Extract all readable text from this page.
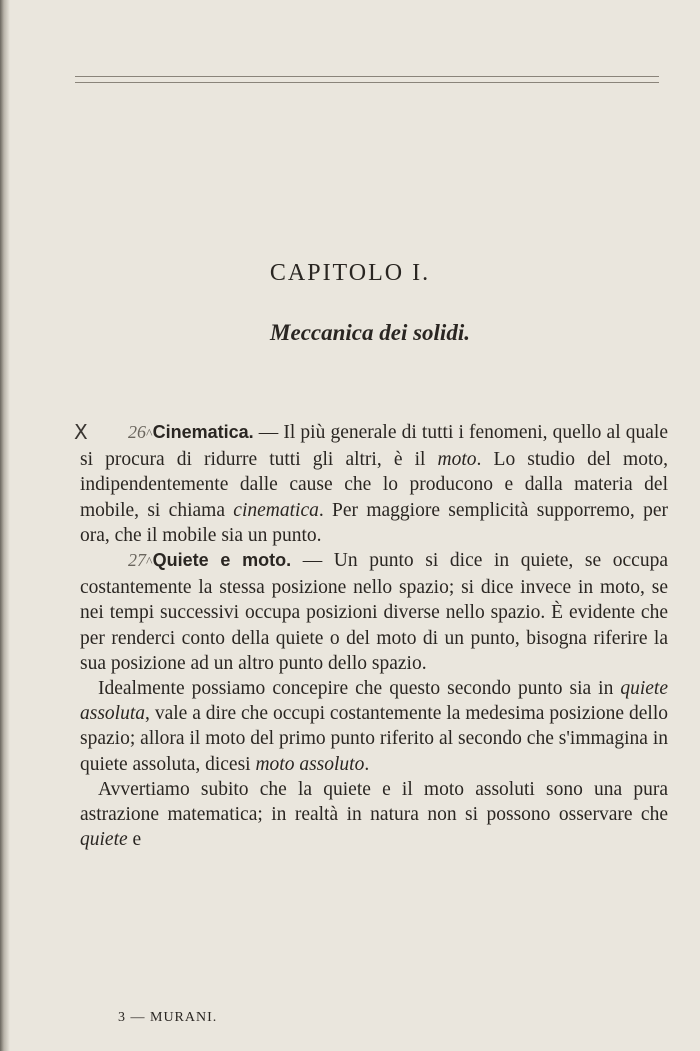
CAPITOLO I.
Meccanica dei solidi.
X	26^Cinematica. — Il più generale di tutti i fenomeni, quello al quale si procura di ridurre tutti gli altri, è il moto. Lo studio del moto, indipendentemente dalle cause che lo producono e dalla materia del mobile, si chiama cinematica. Per maggiore semplicità supporremo, per ora, che il mobile sia un punto.

27^Quiete e moto. — Un punto si dice in quiete, se occupa costantemente la stessa posizione nello spazio; si dice invece in moto, se nei tempi successivi occupa posizioni diverse nello spazio. È evidente che per renderci conto della quiete o del moto di un punto, bisogna riferire la sua posizione ad un altro punto dello spazio.

Idealmente possiamo concepire che questo secondo punto sia in quiete assoluta, vale a dire che occupi costantemente la medesima posizione dello spazio; allora il moto del primo punto riferito al secondo che s'immagina in quiete assoluta, dicesi moto assoluto.

Avvertiamo subito che la quiete e il moto assoluti sono una pura astrazione matematica; in realtà in natura non si possono osservare che quiete e

3 — MURANI.
